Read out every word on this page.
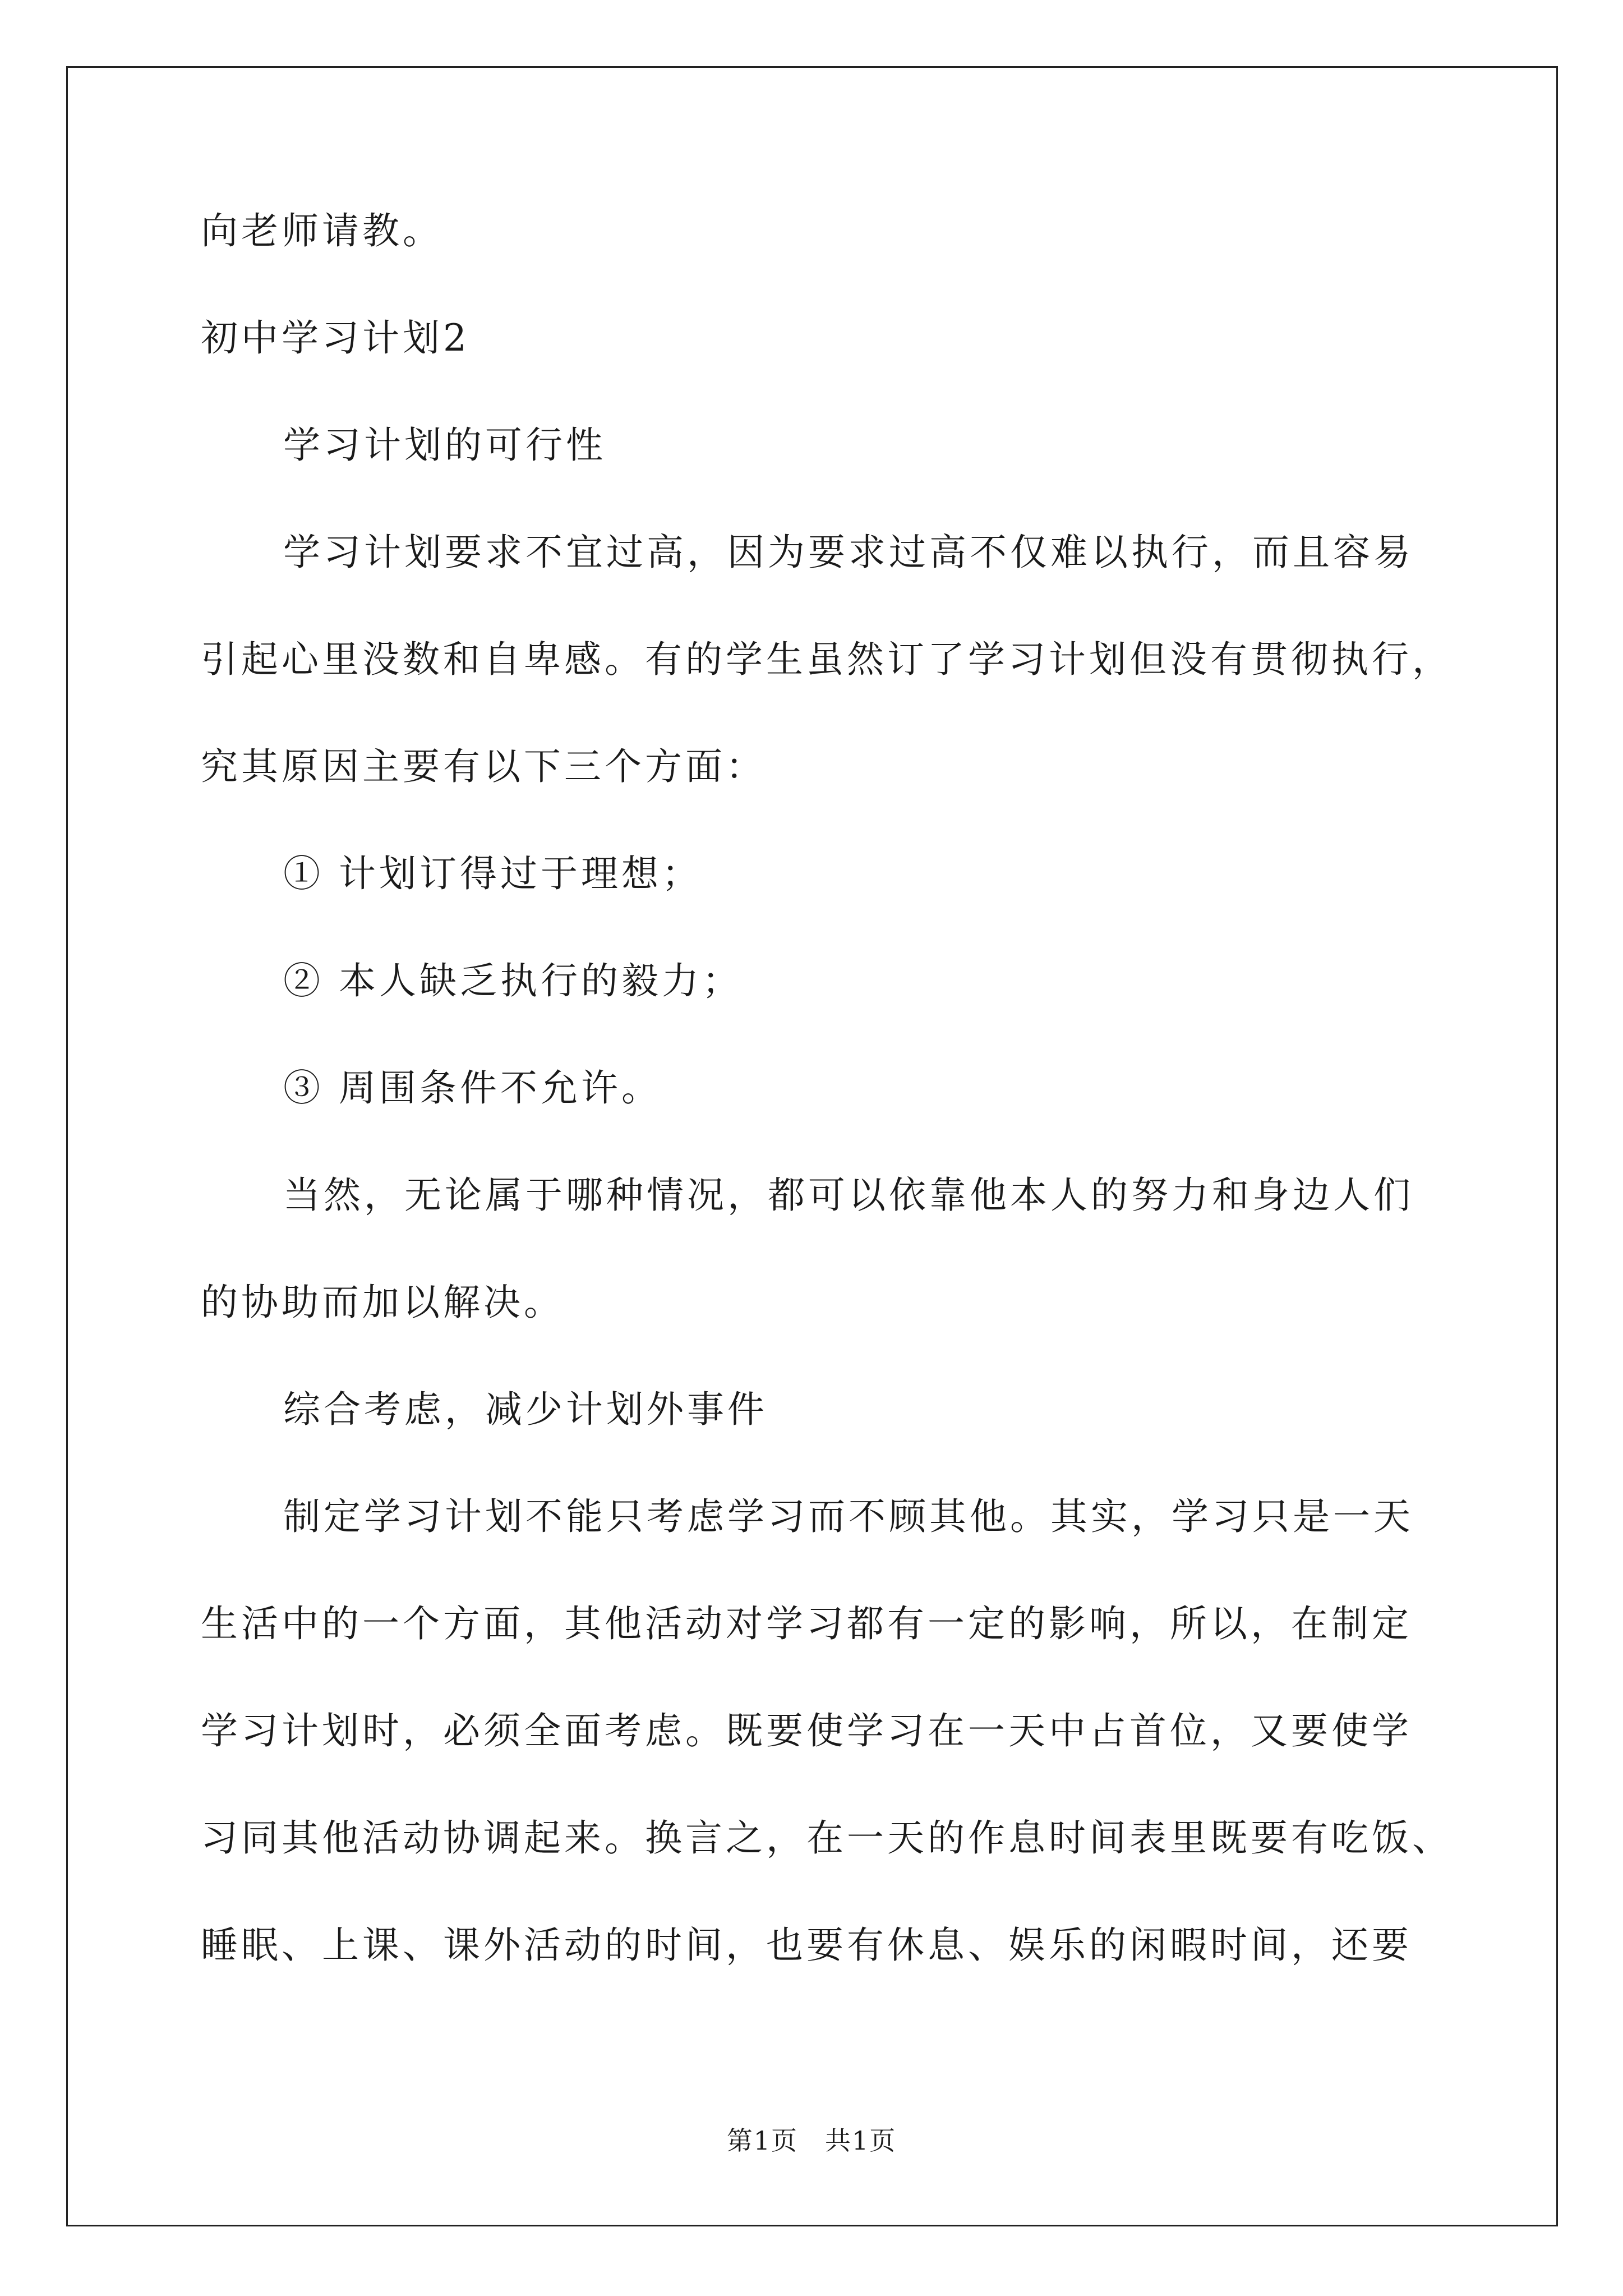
向老师请教。
初中学习计划2
学习计划的可行性
学习计划要求不宜过高，因为要求过高不仅难以执行，而且容易
引起心里没数和自卑感。有的学生虽然订了学习计划但没有贯彻执行，
究其原因主要有以下三个方面：
① 计划订得过于理想；
② 本人缺乏执行的毅力；
③ 周围条件不允许。
当然，无论属于哪种情况，都可以依靠他本人的努力和身边人们
的协助而加以解决。
综合考虑，减少计划外事件
制定学习计划不能只考虑学习而不顾其他。其实，学习只是一天
生活中的一个方面，其他活动对学习都有一定的影响，所以，在制定
学习计划时，必须全面考虑。既要使学习在一天中占首位，又要使学
习同其他活动协调起来。换言之，在一天的作息时间表里既要有吃饭、
睡眠、上课、课外活动的时间，也要有休息、娱乐的闲暇时间，还要
第1页　共1页
